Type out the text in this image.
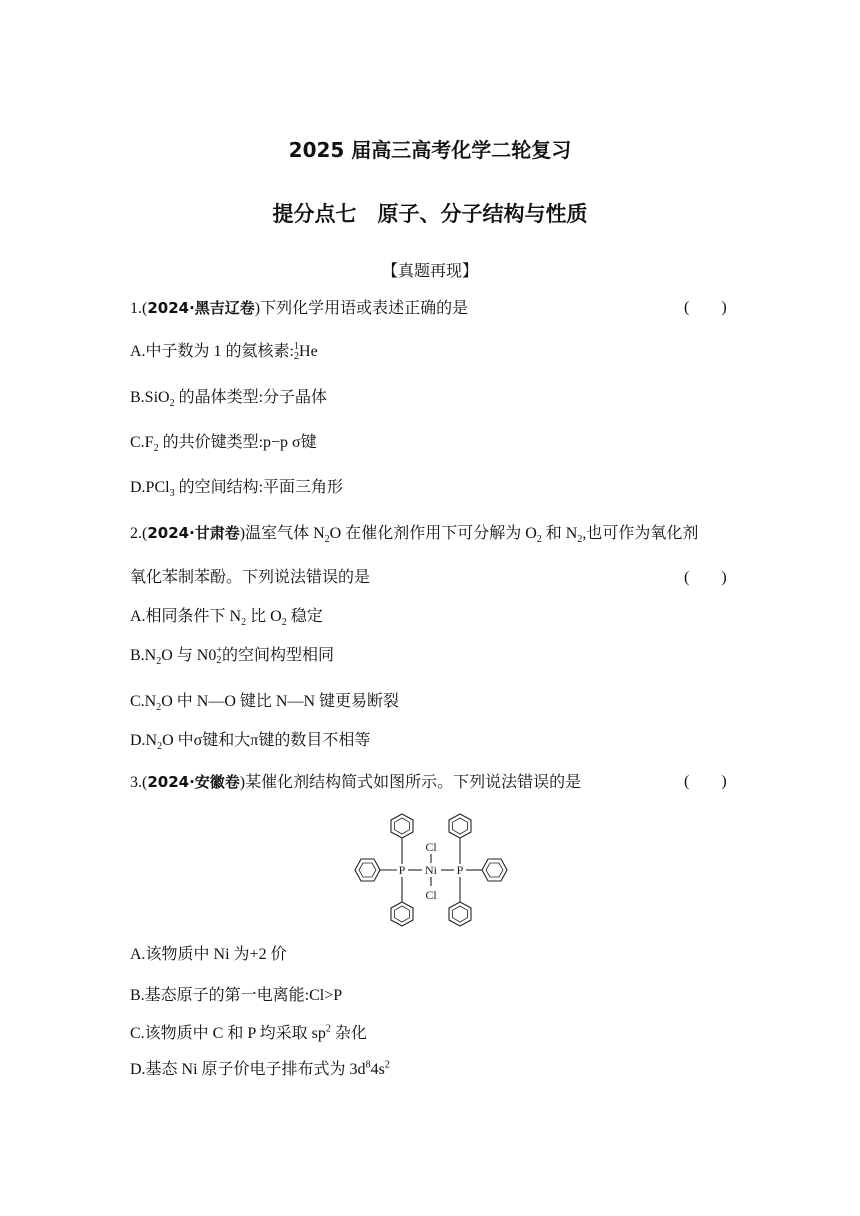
2025 届高三高考化学二轮复习
提分点七　原子、分子结构与性质
【真题再现】
1.(2024·黑吉辽卷)下列化学用语或表述正确的是	(　　)
A.中子数为 1 的氦核素: 1
2 He
B.SiO$_2$ 的晶体类型:分子晶体
$C.F_2$ 的共价键类型:p−p σ键
D.PCl$_3$ 的空间结构:平面三角形
2.(2024·甘肃卷)温室气体 $N_2O$ 在催化剂作用下可分解为 $O_2$ 和 $N_2$,也可作为氧化剂
氧化苯制苯酚。下列说法错误的是	(　　)
A.相同条件下 $N_2$ 比 $O_2$ 稳定
$B.N_2O$ 与 N0 +
2 的空间构型相同
$C.N_2O$ 中 N—O 键比 N—N 键更易断裂
$D.N_2O$ 中σ键和大π键的数目不相等
3.(2024·安徽卷)某催化剂结构简式如图所示。下列说法错误的是	(　　)
P	P
Ni
Cl
Cl
A.该物质中 Ni 为+2 价
B.基态原子的第一电离能:Cl>P
C.该物质中 C 和 P 均采取 $sp^2$ 杂化
D.基态 Ni 原子价电子排布式为 $3d^84s^2$
